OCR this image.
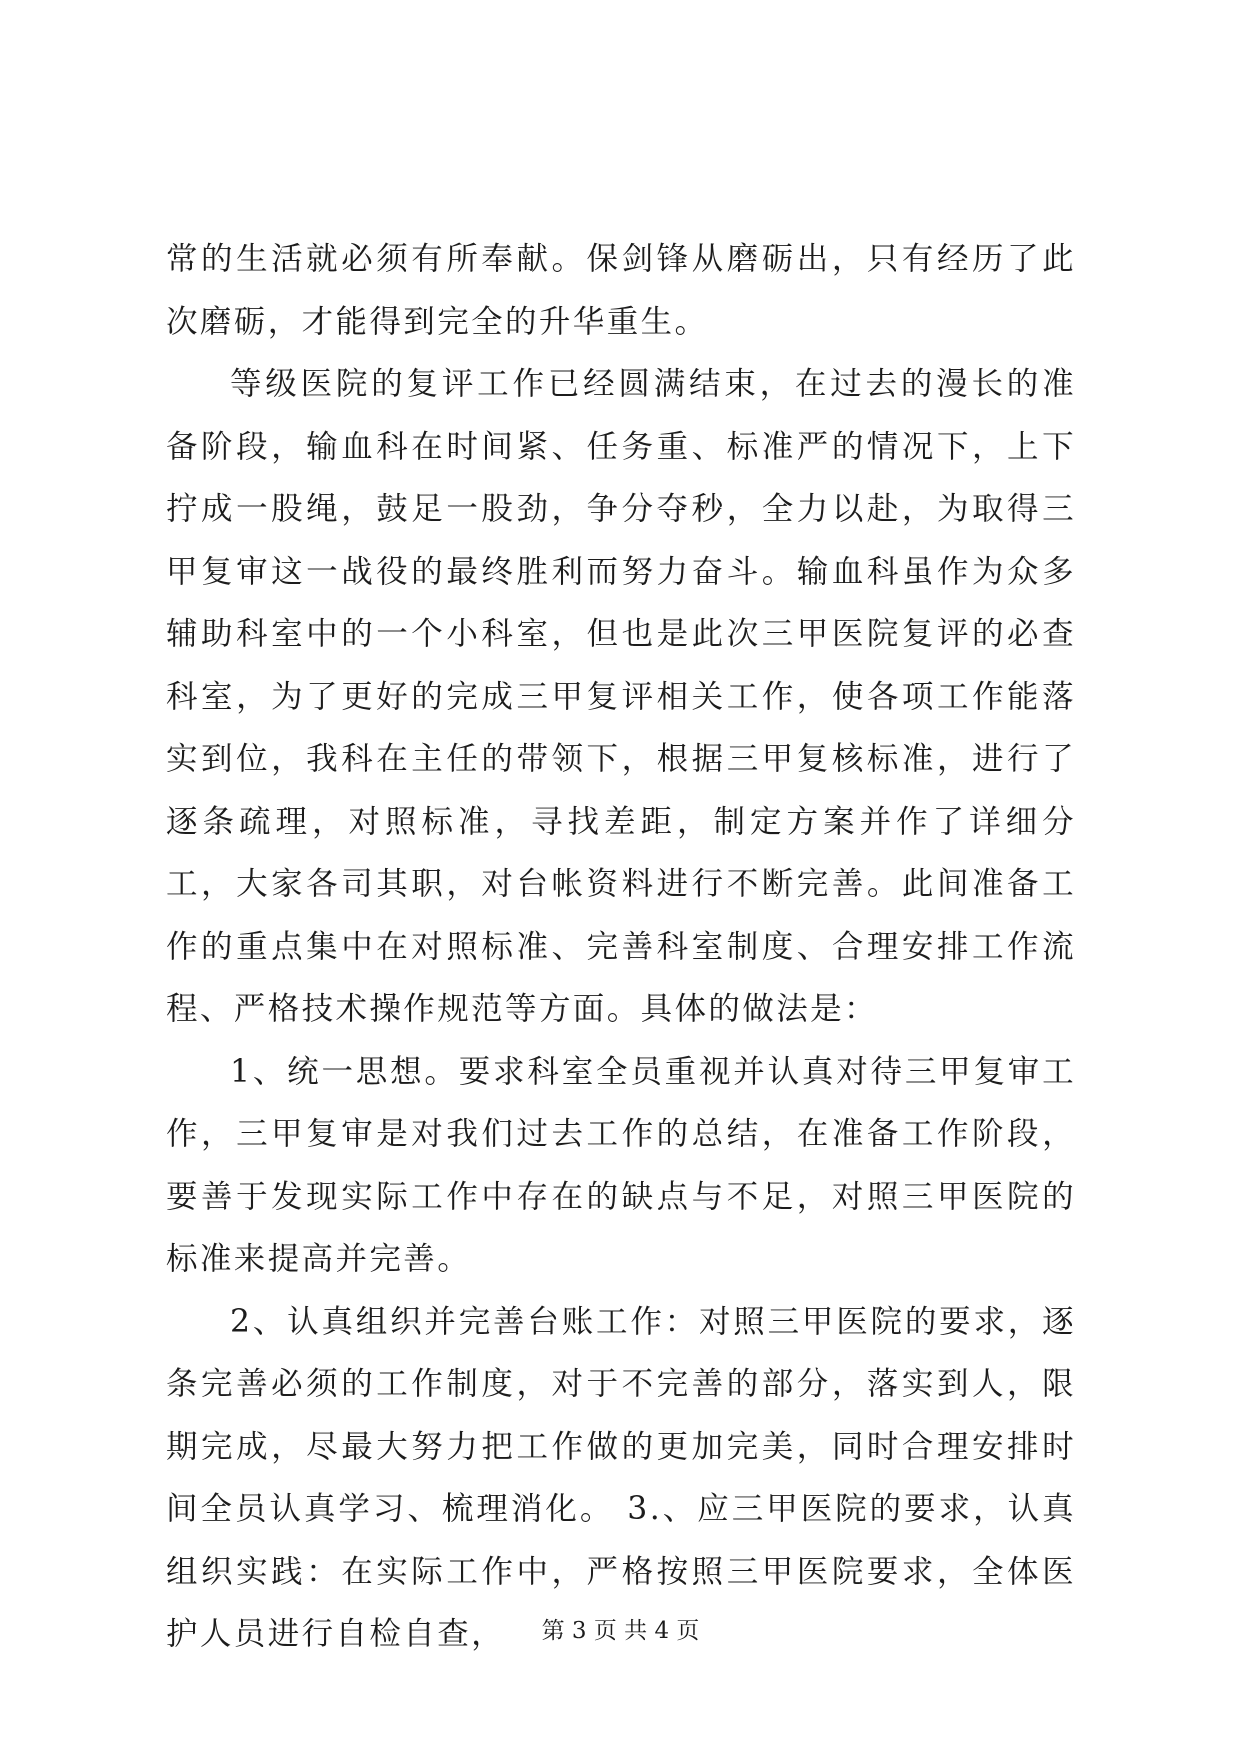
常的生活就必须有所奉献。保剑锋从磨砺出，只有经历了此次磨砺，才能得到完全的升华重生。

等级医院的复评工作已经圆满结束，在过去的漫长的准备阶段，输血科在时间紧、任务重、标准严的情况下，上下拧成一股绳，鼓足一股劲，争分夺秒，全力以赴，为取得三甲复审这一战役的最终胜利而努力奋斗。输血科虽作为众多辅助科室中的一个小科室，但也是此次三甲医院复评的必查科室，为了更好的完成三甲复评相关工作，使各项工作能落实到位，我科在主任的带领下，根据三甲复核标准，进行了逐条疏理，对照标准，寻找差距，制定方案并作了详细分工，大家各司其职，对台帐资料进行不断完善。此间准备工作的重点集中在对照标准、完善科室制度、合理安排工作流程、严格技术操作规范等方面。具体的做法是：

1、统一思想。要求科室全员重视并认真对待三甲复审工作，三甲复审是对我们过去工作的总结，在准备工作阶段，要善于发现实际工作中存在的缺点与不足，对照三甲医院的标准来提高并完善。

2、认真组织并完善台账工作：对照三甲医院的要求，逐条完善必须的工作制度，对于不完善的部分，落实到人，限期完成，尽最大努力把工作做的更加完美，同时合理安排时间全员认真学习、梳理消化。 3.、应三甲医院的要求，认真组织实践：在实际工作中，严格按照三甲医院要求，全体医护人员进行自检自查，	第 3 页 共 4 页
